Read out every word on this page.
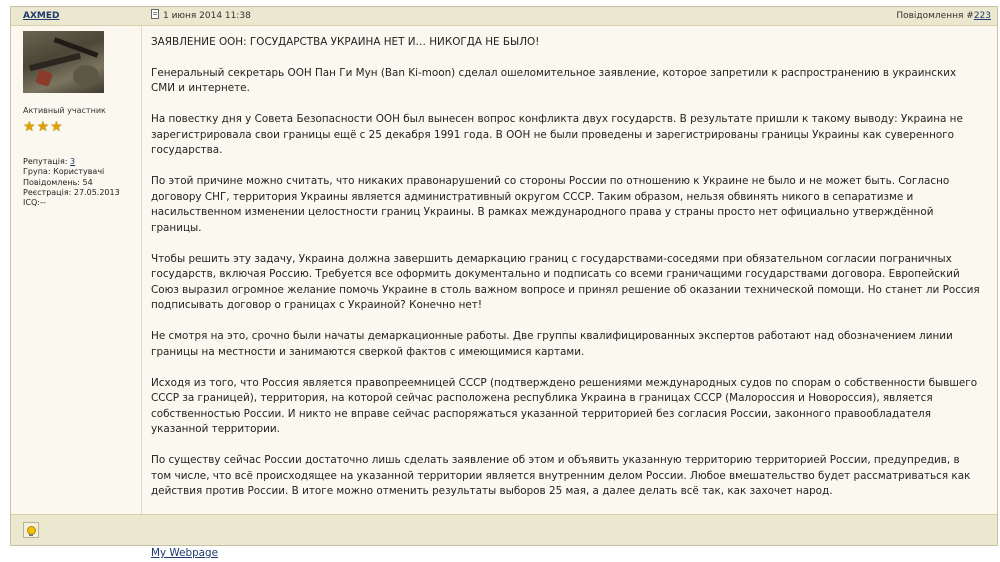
AXMED	1 июня 2014 11:38	Повідомлення #223
Активный участник
★ ★ ★
Репутація: 3
Група: Користувачі
Повідомлень: 54
Реєстрація: 27.05.2013
ICQ:--

ЗАЯВЛЕНИЕ ООН: ГОСУДАРСТВА УКРАИНА НЕТ И… НИКОГДА НЕ БЫЛО!

Генеральный секретарь ООН Пан Ги Мун (Ban Ki-moon) сделал ошеломительное заявление, которое запретили к распространению в украинских СМИ и интернете.

На повестку дня у Совета Безопасности ООН был вынесен вопрос конфликта двух государств. В результате пришли к такому выводу: Украина не зарегистрировала свои границы ещё с 25 декабря 1991 года. В ООН не были проведены и зарегистрированы границы Украины как суверенного государства.

По этой причине можно считать, что никаких правонарушений со стороны России по отношению к Украине не было и не может быть. Согласно договору СНГ, территория Украины является административный округом СССР. Таким образом, нельзя обвинять никого в сепаратизме и насильственном изменении целостности границ Украины. В рамках международного права у страны просто нет официально утверждённой границы.

Чтобы решить эту задачу, Украина должна завершить демаркацию границ с государствами-соседями при обязательном согласии пограничных государств, включая Россию. Требуется все оформить документально и подписать со всеми граничащими государствами договора. Европейский Союз выразил огромное желание помочь Украине в столь важном вопросе и принял решение об оказании технической помощи. Но станет ли Россия подписывать договор о границах с Украиной? Конечно нет!

Не смотря на это, срочно были начаты демаркационные работы. Две группы квалифицированных экспертов работают над обозначением линии границы на местности и занимаются сверкой фактов с имеющимися картами.

Исходя из того, что Россия является правопреемницей СССР (подтверждено решениями международных судов по спорам о собственности бывшего СССР за границей), территория, на которой сейчас расположена республика Украина в границах СССР (Малороссия и Новороссия), является собственностью России. И никто не вправе сейчас распоряжаться указанной территорией без согласия России, законного правообладателя указанной территории.

По существу сейчас России достаточно лишь сделать заявление об этом и объявить указанную территорию территорией России, предупредив, в том числе, что всё происходящее на указанной территории является внутренним делом России. Любое вмешательство будет рассматриваться как действия против России. В итоге можно отменить результаты выборов 25 мая, а далее делать всё так, как захочет народ.

My Webpage
